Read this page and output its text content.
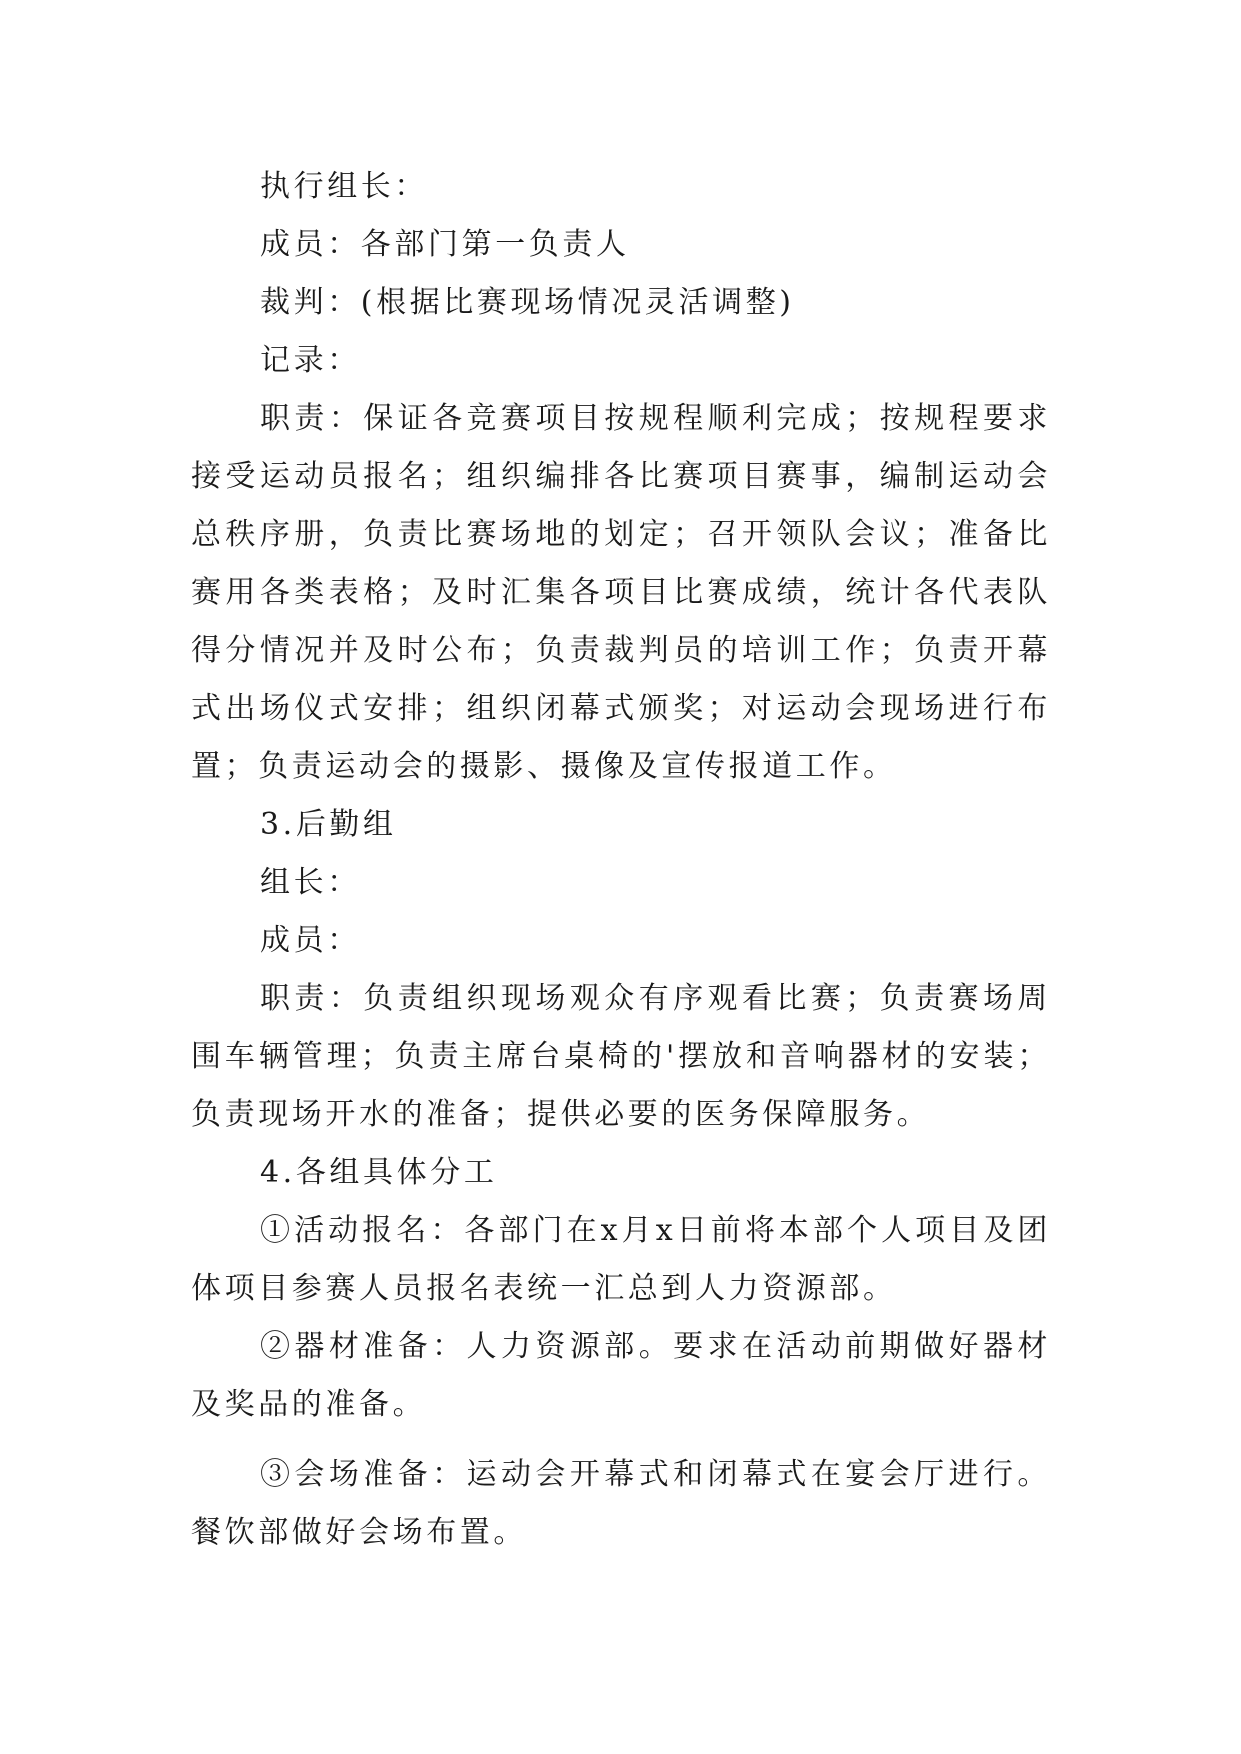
执行组长：

成员：各部门第一负责人

裁判：(根据比赛现场情况灵活调整)

记录：

职责：保证各竞赛项目按规程顺利完成；按规程要求接受运动员报名；组织编排各比赛项目赛事，编制运动会总秩序册，负责比赛场地的划定；召开领队会议；准备比赛用各类表格；及时汇集各项目比赛成绩，统计各代表队得分情况并及时公布；负责裁判员的培训工作；负责开幕式出场仪式安排；组织闭幕式颁奖；对运动会现场进行布置；负责运动会的摄影、摄像及宣传报道工作。

3.后勤组

组长：

成员：

职责：负责组织现场观众有序观看比赛；负责赛场周围车辆管理；负责主席台桌椅的'摆放和音响器材的安装；负责现场开水的准备；提供必要的医务保障服务。

4.各组具体分工

①活动报名：各部门在x月x日前将本部个人项目及团体项目参赛人员报名表统一汇总到人力资源部。

②器材准备：人力资源部。要求在活动前期做好器材及奖品的准备。

③会场准备：运动会开幕式和闭幕式在宴会厅进行。餐饮部做好会场布置。
